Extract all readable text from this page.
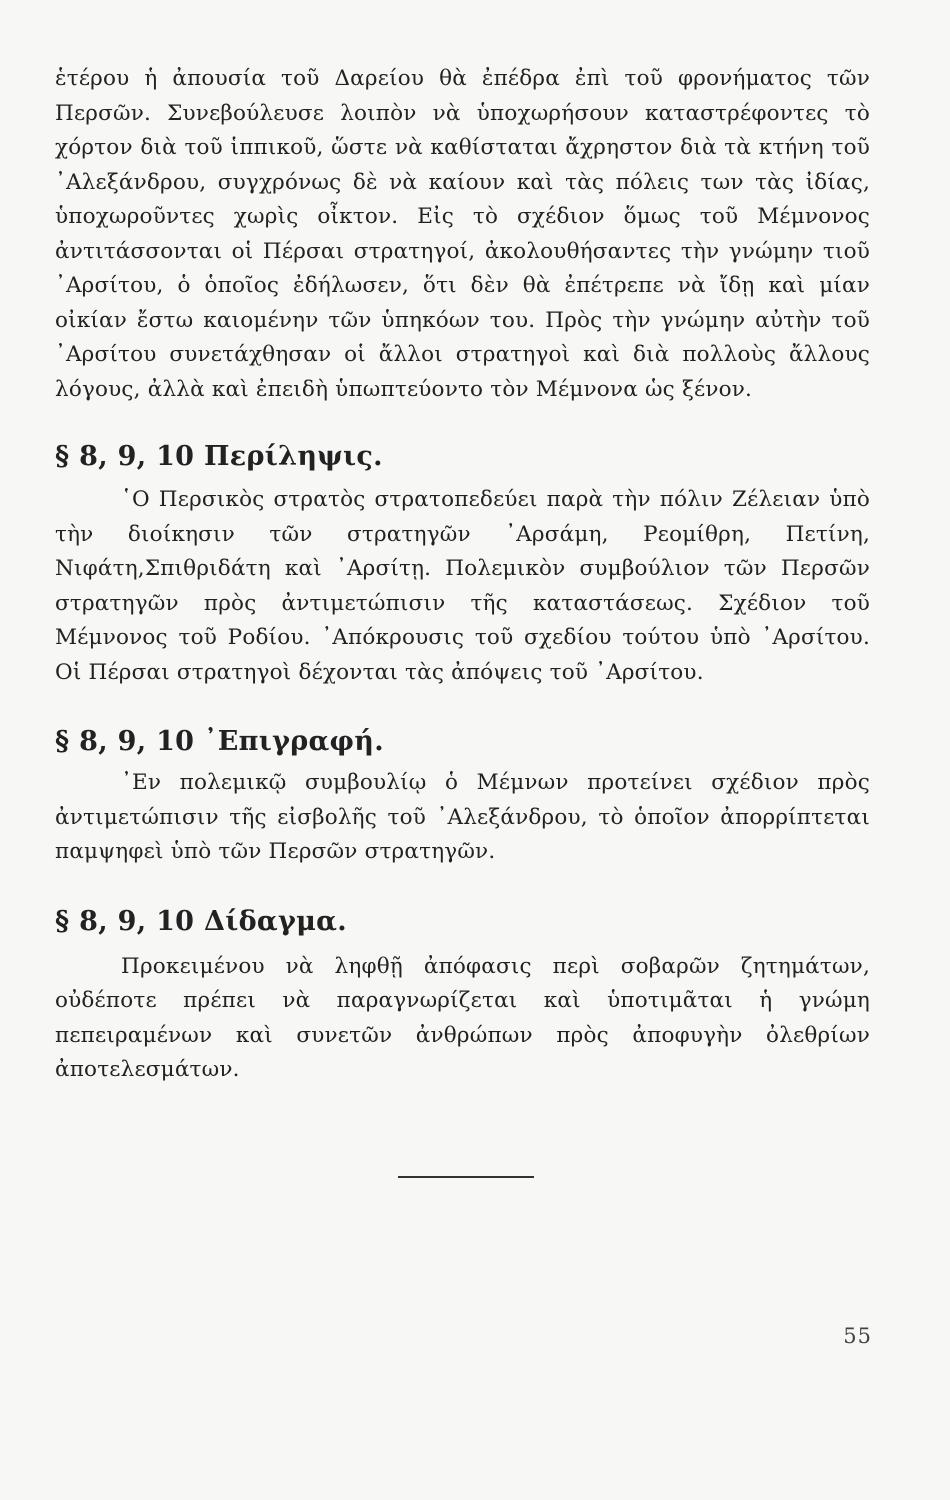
ἑτέρου ἡ ἀπουσία τοῦ Δαρείου θὰ ἐπέδρα ἐπὶ τοῦ φρονήματος τῶν Περσῶν. Συνεβούλευσε λοιπὸν νὰ ὑποχωρήσουν καταστρέφοντες τὸ χόρτον διὰ τοῦ ἱππικοῦ, ὥστε νὰ καθίσταται ἄχρηστον διὰ τὰ κτήνη τοῦ ᾿Αλεξάνδρου, συγχρόνως δὲ νὰ καίουν καὶ τὰς πόλεις των τὰς ἰδίας, ὑποχωροῦντες χωρὶς οἶκτον. Εἰς τὸ σχέδιον ὅμως τοῦ Μέμνονος ἀντιτάσσονται οἱ Πέρσαι στρατηγοί, ἀκολουθήσαντες τὴν γνώμην τιοῦ ᾿Αρσίτου, ὁ ὁποῖος ἐδήλωσεν, ὅτι δὲν θὰ ἐπέτρεπε νὰ ἴδῃ καὶ μίαν οἰκίαν ἔστω καιομένην τῶν ὑπηκόων του. Πρὸς τὴν γνώμην αὐτὴν τοῦ ᾿Αρσίτου συνετάχθησαν οἱ ἄλλοι στρατηγοὶ καὶ διὰ πολλοὺς ἄλλους λόγους, ἀλλὰ καὶ ἐπειδὴ ὑπωπτεύοντο τὸν Μέμνονα ὡς ξένον.

§ 8, 9, 10 Περίληψις.

῾Ο Περσικὸς στρατὸς στρατοπεδεύει παρὰ τὴν πόλιν Ζέλειαν ὑπὸ τὴν διοίκησιν τῶν στρατηγῶν ᾿Αρσάμη, Ρεομίθρη, Πετίνη, Νιφάτη,Σπιθριδάτη καὶ ᾿Αρσίτῃ. Πολεμικὸν συμβούλιον τῶν Περσῶν στρατηγῶν πρὸς ἀντιμετώπισιν τῆς καταστάσεως. Σχέδιον τοῦ Μέμνονος τοῦ Ροδίου. ᾿Απόκρουσις τοῦ σχεδίου τούτου ὑπὸ ᾿Αρσίτου. Οἱ Πέρσαι στρατηγοὶ δέχονται τὰς ἀπόψεις τοῦ ᾿Αρσίτου.

§ 8, 9, 10 ᾿Επιγραφή.

᾿Εν πολεμικῷ συμβουλίῳ ὁ Μέμνων προτείνει σχέδιον πρὸς ἀντιμετώπισιν τῆς εἰσβολῆς τοῦ ᾿Αλεξάνδρου, τὸ ὁποῖον ἀπορρίπτεται παμψηφεὶ ὑπὸ τῶν Περσῶν στρατηγῶν.

§ 8, 9, 10 Δίδαγμα.

Προκειμένου νὰ ληφθῇ ἀπόφασις περὶ σοβαρῶν ζητημάτων, οὐδέποτε πρέπει νὰ παραγνωρίζεται καὶ ὑποτιμᾶται ἡ γνώμη πεπειραμένων καὶ συνετῶν ἀνθρώπων πρὸς ἀποφυγὴν ὀλεθρίων ἀποτελεσμάτων.

55
